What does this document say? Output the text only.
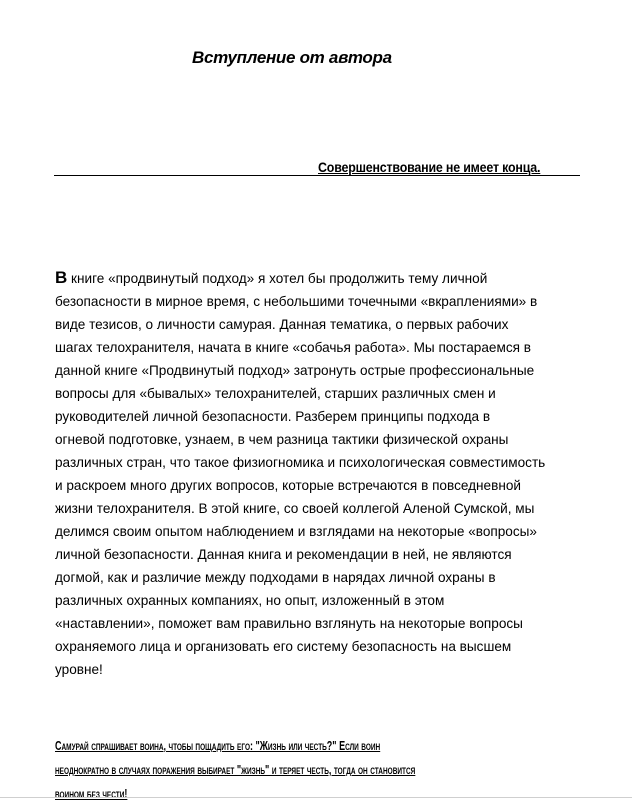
Вступление от автора
Совершенствование не имеет конца.
В книге «продвинутый подход» я хотел бы продолжить тему личной
безопасности в мирное время, с небольшими точечными «вкраплениями» в
виде тезисов, о личности самурая. Данная тематика, о первых рабочих
шагах телохранителя, начата в книге «собачья работа». Мы постараемся в
данной книге «Продвинутый подход» затронуть острые профессиональные
вопросы для «бывалых» телохранителей, старших различных смен и
руководителей личной безопасности. Разберем принципы подхода в
огневой подготовке, узнаем, в чем разница тактики физической охраны
различных стран, что такое физиогномика и психологическая совместимость
и раскроем много других вопросов, которые встречаются в повседневной
жизни телохранителя. В этой книге, со своей коллегой Аленой Сумской, мы
делимся своим опытом наблюдением и взглядами на некоторые «вопросы»
личной безопасности. Данная книга и рекомендации в ней, не являются
догмой, как и различие между подходами в нарядах личной охраны в
различных охранных компаниях, но опыт, изложенный в этом
«наставлении», поможет вам правильно взглянуть на некоторые вопросы
охраняемого лица и организовать его систему безопасность на высшем
уровне!
Самурай спрашивает воина, чтобы пощадить его: "Жизнь или честь?" Если воин
неоднократно в случаях поражения выбирает "жизнь" и теряет честь, тогда он становится
воином без чести!
